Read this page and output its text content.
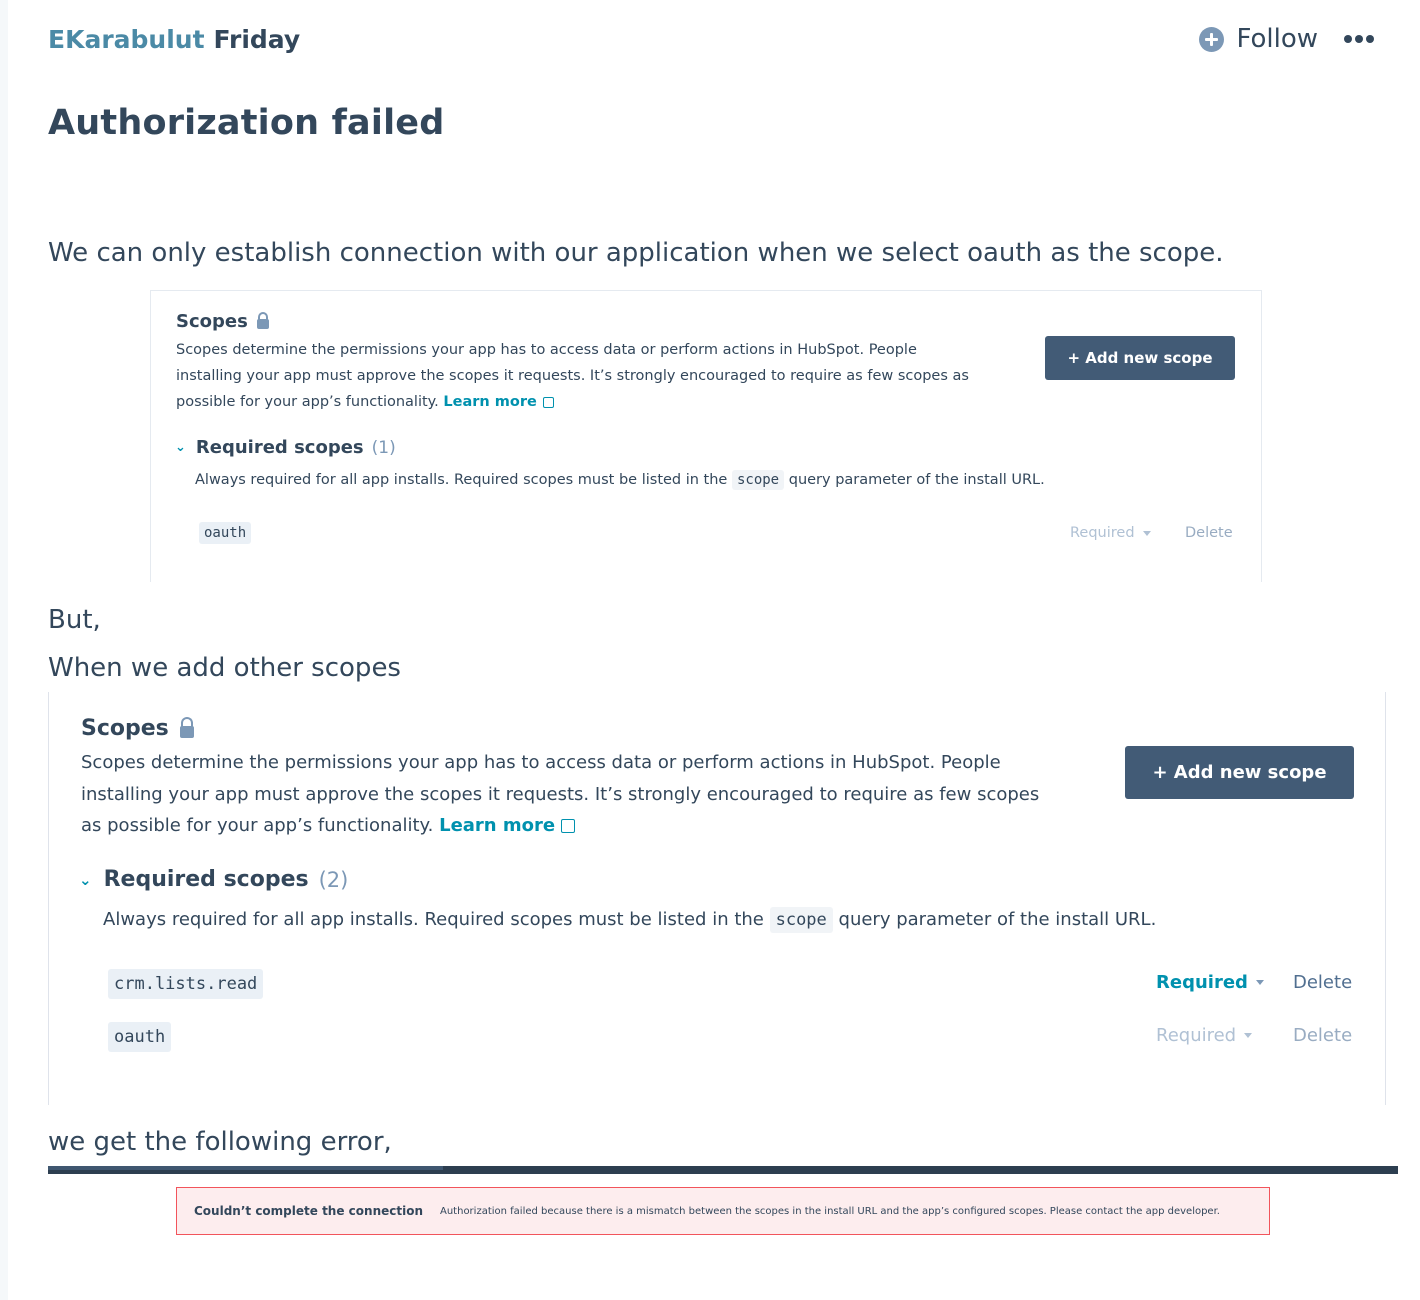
EKarabulut Friday	Follow
Authorization failed

We can only establish connection with our application when we select oauth as the scope.

Scopes
Scopes determine the permissions your app has to access data or perform actions in HubSpot. People installing your app must approve the scopes it requests. It’s strongly encouraged to require as few scopes as possible for your app’s functionality. Learn more
+ Add new scope
⌄ Required scopes (1)
Always required for all app installs. Required scopes must be listed in the scope query parameter of the install URL.
oauth	Required	Delete

But,

When we add other scopes

Scopes
Scopes determine the permissions your app has to access data or perform actions in HubSpot. People installing your app must approve the scopes it requests. It’s strongly encouraged to require as few scopes as possible for your app’s functionality. Learn more
+ Add new scope
⌄ Required scopes (2)
Always required for all app installs. Required scopes must be listed in the scope query parameter of the install URL.
crm.lists.read	Required	Delete
oauth	Required	Delete

we get the following error,

Couldn’t complete the connection Authorization failed because there is a mismatch between the scopes in the install URL and the app’s configured scopes. Please contact the app developer.
